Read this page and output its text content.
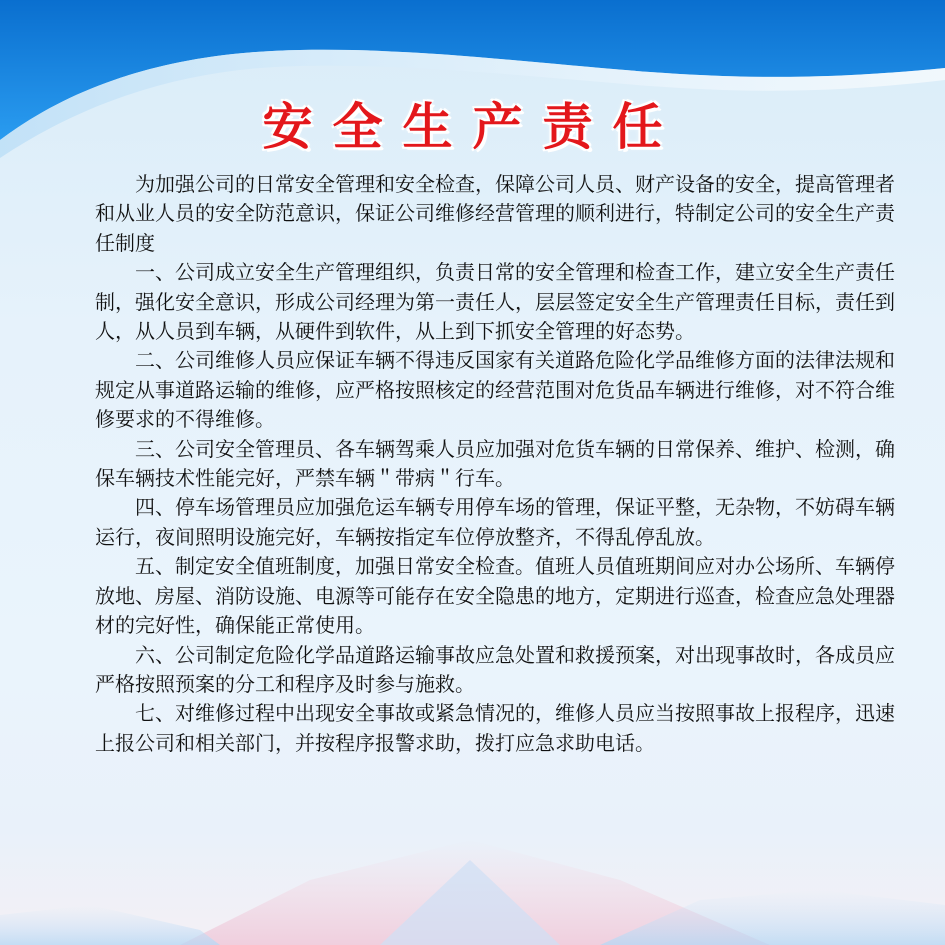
安全生产责任

为加强公司的日常安全管理和安全检查，保障公司人员、财产设备的安全，提高管理者和从业人员的安全防范意识，保证公司维修经营管理的顺利进行，特制定公司的安全生产责任制度

一、公司成立安全生产管理组织，负责日常的安全管理和检查工作，建立安全生产责任制，强化安全意识，形成公司经理为第一责任人，层层签定安全生产管理责任目标，责任到人，从人员到车辆，从硬件到软件，从上到下抓安全管理的好态势。

二、公司维修人员应保证车辆不得违反国家有关道路危险化学品维修方面的法律法规和规定从事道路运输的维修，应严格按照核定的经营范围对危货品车辆进行维修，对不符合维修要求的不得维修。

三、公司安全管理员、各车辆驾乘人员应加强对危货车辆的日常保养、维护、检测，确保车辆技术性能完好，严禁车辆＂带病＂行车。

四、停车场管理员应加强危运车辆专用停车场的管理，保证平整，无杂物，不妨碍车辆运行，夜间照明设施完好，车辆按指定车位停放整齐，不得乱停乱放。

五、制定安全值班制度，加强日常安全检查。值班人员值班期间应对办公场所、车辆停放地、房屋、消防设施、电源等可能存在安全隐患的地方，定期进行巡查，检查应急处理器材的完好性，确保能正常使用。

六、公司制定危险化学品道路运输事故应急处置和救援预案，对出现事故时，各成员应严格按照预案的分工和程序及时参与施救。

七、对维修过程中出现安全事故或紧急情况的，维修人员应当按照事故上报程序，迅速上报公司和相关部门，并按程序报警求助，拨打应急求助电话。
